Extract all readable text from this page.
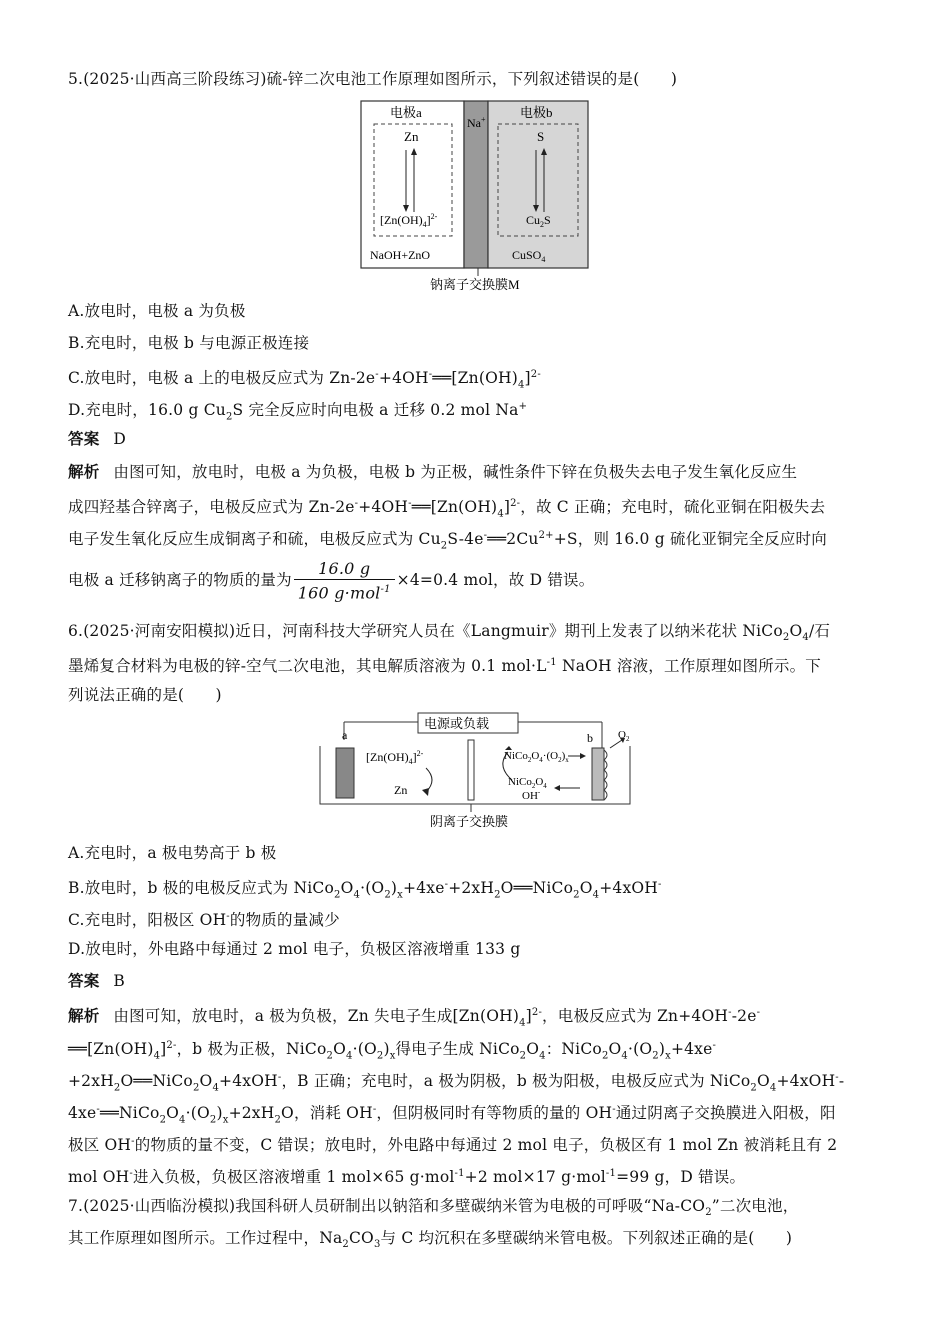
5.(2025·山西高三阶段练习)硫-锌二次电池工作原理如图所示，下列叙述错误的是(　　)
电极a	电极b
Na+
Zn
$[Zn(OH)_4]^{2-}$
S
$Cu_2S$
NaOH+ZnO	CuSO$_4$
钠离子交换膜M
A.放电时，电极 a 为负极
B.充电时，电极 b 与电源正极连接
C.放电时，电极 a 上的电极反应式为 $Zn-2e^-+4OH^-══[Zn(OH)_4]^{2-}$
D.充电时，16.0 g $Cu_2S$ 完全反应时向电极 a 迁移 0.2 mol Na+
答案 D
解析 由图可知，放电时，电极 a 为负极，电极 b 为正极，碱性条件下锌在负极失去电子发生氧化反应生
成四羟基合锌离子，电极反应式为 $Zn-2e^-+4OH^-══[Zn(OH)_4]^{2-}$，故 C 正确；充电时，硫化亚铜在阳极失去
电子发生氧化反应生成铜离子和硫，电极反应式为 $Cu_2S-4e^-══2Cu^{2+}+S$，则 16.0 g 硫化亚铜完全反应时向
电极 a 迁移钠离子的物质的量为 $\frac{16.0 g}{160 g\cdot mol^{-1}} \times 4=0.4$ mol，故 D 错误。
6.(2025·河南安阳模拟)近日，河南科技大学研究人员在《Langmuir》期刊上发表了以纳米花状 $NiCo_2O_4/$石
墨烯复合材料为电极的锌-空气二次电池，其电解质溶液为 0.1 $mol\cdot L^{-1}$ NaOH 溶液，工作原理如图所示。下
列说法正确的是(　　)
电源或负载
a	b
$[Zn(OH)_4]^{2-}$
Zn
$NiCo_2O_4\cdot(O_2)_x$
$NiCo_2O_4$
OH-
$O_2$
阴离子交换膜
A.充电时，a 极电势高于 b 极
B.放电时，b 极的电极反应式为 $NiCo_2O_4\cdot(O_2)_x+4xe^-+2xH_2O══NiCo_2O_4+4xOH^-$
C.充电时，阳极区 OH-的物质的量减少
D.放电时，外电路中每通过 2 mol 电子，负极区溶液增重 133 g
答案 B
解析 由图可知，放电时，a 极为负极，Zn 失电子生成$[Zn(OH)_4]^{2-}$，电极反应式为 Zn+4OH--2e-
$══[Zn(OH)_4]^{2-}$，b 极为正极，$NiCo_2O_4\cdot(O_2)_x$得电子生成 $NiCo_2O_4$：$NiCo_2O_4\cdot(O_2)_x+4xe^-$
$+2xH_2O══NiCo_2O_4+4xOH^-$，B 正确；充电时，a 极为阴极，b 极为阳极，电极反应式为 $NiCo_2O_4+4xOH^--$
$4xe^-══NiCo_2O_4\cdot(O_2)_x+2xH_2O$，消耗 OH-，但阴极同时有等物质的量的 OH-通过阴离子交换膜进入阳极，阳
极区 OH-的物质的量不变，C 错误；放电时，外电路中每通过 2 mol 电子，负极区有 1 mol Zn 被消耗且有 2
mol OH-进入负极，负极区溶液增重 1 mol×65 g·mol$^{-1}$+2 mol×17 g·mol$^{-1}$=99 g，D 错误。
7.(2025·山西临汾模拟)我国科研人员研制出以钠箔和多壁碳纳米管为电极的可呼吸“$Na-CO_2$”二次电池，
其工作原理如图所示。工作过程中，$Na_2CO_3$与 C 均沉积在多壁碳纳米管电极。下列叙述正确的是(　　)
